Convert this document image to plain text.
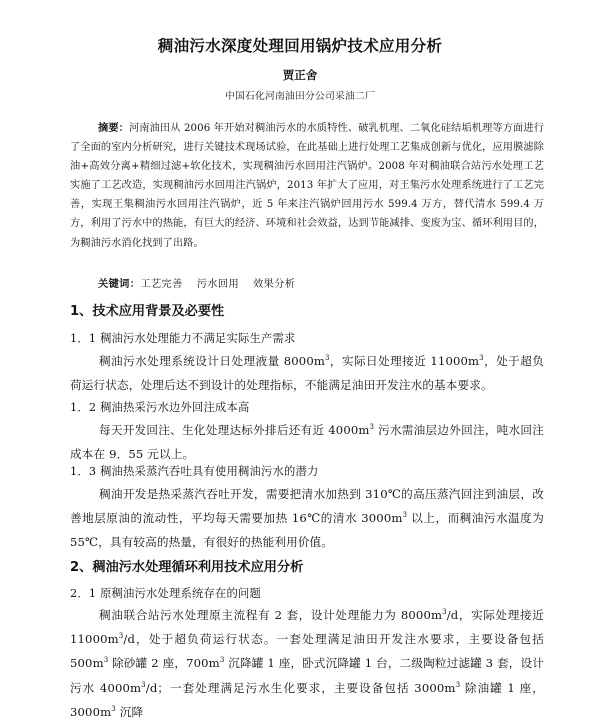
稠油污水深度处理回用锅炉技术应用分析
贾正舍
中国石化河南油田分公司采油二厂
摘要：河南油田从 2006 年开始对稠油污水的水质特性、破乳机理、二氧化硅结垢机理等方面进行了全面的室内分析研究，进行关键技术现场试验，在此基础上进行处理工艺集成创新与优化，应用膜滤除油+高效分离+精细过滤+软化技术，实现稠油污水回用注汽锅炉。2008 年对稠油联合站污水处理工艺实施了工艺改造，实现稠油污水回用注汽锅炉，2013 年扩大了应用，对王集污水处理系统进行了工艺完善，实现王集稠油污水回用注汽锅炉，近 5 年来注汽锅炉回用污水 599.4 万方，替代清水 599.4 万方，利用了污水中的热能，有巨大的经济、环境和社会效益，达到节能减排、变废为宝、循环利用目的，为稠油污水消化找到了出路。
关键词：工艺完善 污水回用 效果分析
1、技术应用背景及必要性
1．1 稠油污水处理能力不满足实际生产需求
稠油污水处理系统设计日处理液量 $8000m^3$，实际日处理接近 $11000m^3$，处于超负荷运行状态，处理后达不到设计的处理指标，不能满足油田开发注水的基本要求。
1．2 稠油热采污水边外回注成本高
每天开发回注、生化处理达标外排后还有近 $4000m^3$ 污水需油层边外回注，吨水回注成本在 9．55 元以上。
1．3 稠油热采蒸汽吞吐具有使用稠油污水的潜力
稠油开发是热采蒸汽吞吐开发，需要把清水加热到 310℃的高压蒸汽回注到油层，改善地层原油的流动性，平均每天需要加热 16℃的清水 $3000m^3$ 以上，而稠油污水温度为 55℃，具有较高的热量，有很好的热能利用价值。
2、稠油污水处理循环利用技术应用分析
2．1 原稠油污水处理系统存在的问题
稠油联合站污水处理原主流程有 2 套，设计处理能力为 $8000m^3/d$，实际处理接近 $11000m^3/d$，处于超负荷运行状态。一套处理满足油田开发注水要求，主要设备包括 $500m^3$ 除砂罐 2 座，$700m^3$ 沉降罐 1 座，卧式沉降罐 1 台，二级陶粒过滤罐 3 套，设计污水 $4000m^3/d$；一套处理满足污水生化要求，主要设备包括 $3000m^3$ 除油罐 1 座，$3000m^3$ 沉降
